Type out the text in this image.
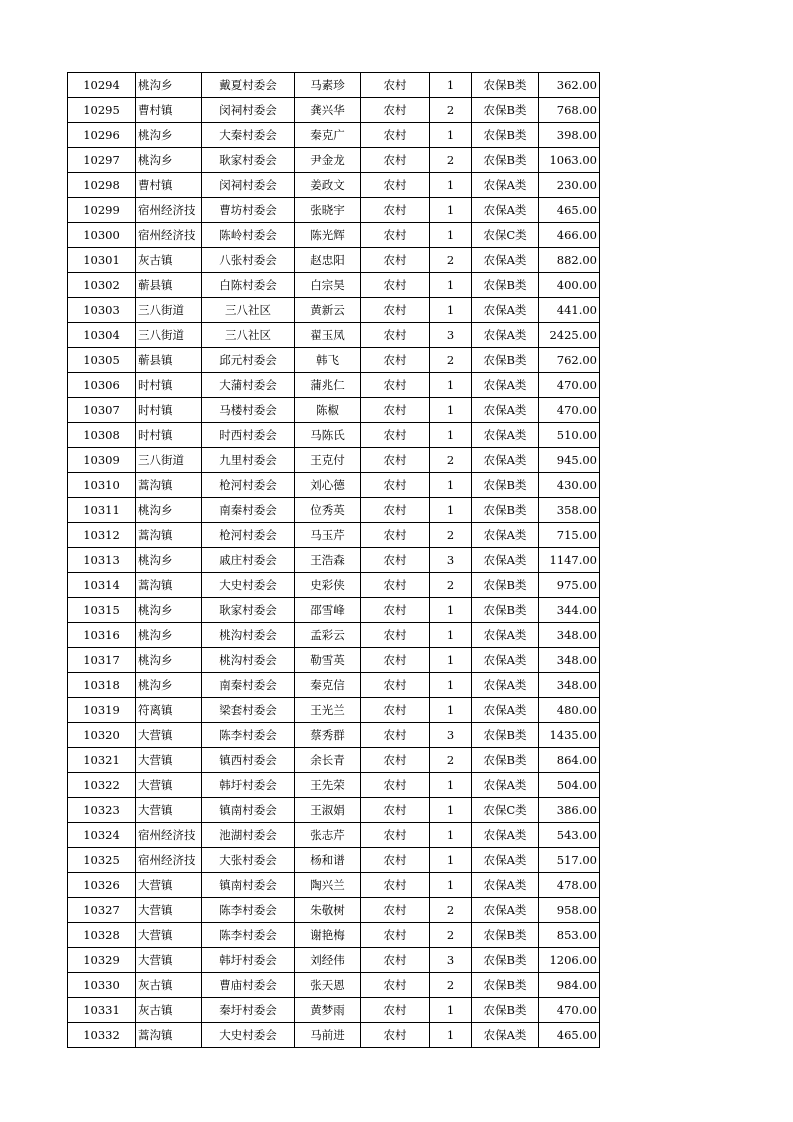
10294	桃沟乡	戴夏村委会	马素珍	农村	1	农保B类	362.00
10295	曹村镇	闵祠村委会	龚兴华	农村	2	农保B类	768.00
10296	桃沟乡	大秦村委会	秦克广	农村	1	农保B类	398.00
10297	桃沟乡	耿家村委会	尹金龙	农村	2	农保B类	1063.00
10298	曹村镇	闵祠村委会	姜政文	农村	1	农保A类	230.00
10299	宿州经济技	曹坊村委会	张晓宇	农村	1	农保A类	465.00
10300	宿州经济技	陈岭村委会	陈光辉	农村	1	农保C类	466.00
10301	灰古镇	八张村委会	赵忠阳	农村	2	农保A类	882.00
10302	蕲县镇	白陈村委会	白宗昊	农村	1	农保B类	400.00
10303	三八街道	三八社区	黄新云	农村	1	农保A类	441.00
10304	三八街道	三八社区	翟玉凤	农村	3	农保A类	2425.00
10305	蕲县镇	邱元村委会	韩飞	农村	2	农保B类	762.00
10306	时村镇	大蒲村委会	蒲兆仁	农村	1	农保A类	470.00
10307	时村镇	马楼村委会	陈椒	农村	1	农保A类	470.00
10308	时村镇	时西村委会	马陈氏	农村	1	农保A类	510.00
10309	三八街道	九里村委会	王克付	农村	2	农保A类	945.00
10310	蒿沟镇	枪河村委会	刘心德	农村	1	农保B类	430.00
10311	桃沟乡	南秦村委会	位秀英	农村	1	农保B类	358.00
10312	蒿沟镇	枪河村委会	马玉芹	农村	2	农保A类	715.00
10313	桃沟乡	戚庄村委会	王浩森	农村	3	农保A类	1147.00
10314	蒿沟镇	大史村委会	史彩侠	农村	2	农保B类	975.00
10315	桃沟乡	耿家村委会	邵雪峰	农村	1	农保B类	344.00
10316	桃沟乡	桃沟村委会	孟彩云	农村	1	农保A类	348.00
10317	桃沟乡	桃沟村委会	勒雪英	农村	1	农保A类	348.00
10318	桃沟乡	南秦村委会	秦克信	农村	1	农保A类	348.00
10319	符离镇	梁套村委会	王光兰	农村	1	农保A类	480.00
10320	大营镇	陈李村委会	蔡秀群	农村	3	农保B类	1435.00
10321	大营镇	镇西村委会	余长青	农村	2	农保B类	864.00
10322	大营镇	韩圩村委会	王先荣	农村	1	农保A类	504.00
10323	大营镇	镇南村委会	王淑娟	农村	1	农保C类	386.00
10324	宿州经济技	池湖村委会	张志芹	农村	1	农保A类	543.00
10325	宿州经济技	大张村委会	杨和谱	农村	1	农保A类	517.00
10326	大营镇	镇南村委会	陶兴兰	农村	1	农保A类	478.00
10327	大营镇	陈李村委会	朱敬树	农村	2	农保A类	958.00
10328	大营镇	陈李村委会	谢艳梅	农村	2	农保B类	853.00
10329	大营镇	韩圩村委会	刘经伟	农村	3	农保B类	1206.00
10330	灰古镇	曹庙村委会	张天恩	农村	2	农保B类	984.00
10331	灰古镇	秦圩村委会	黄梦雨	农村	1	农保B类	470.00
10332	蒿沟镇	大史村委会	马前进	农村	1	农保A类	465.00
